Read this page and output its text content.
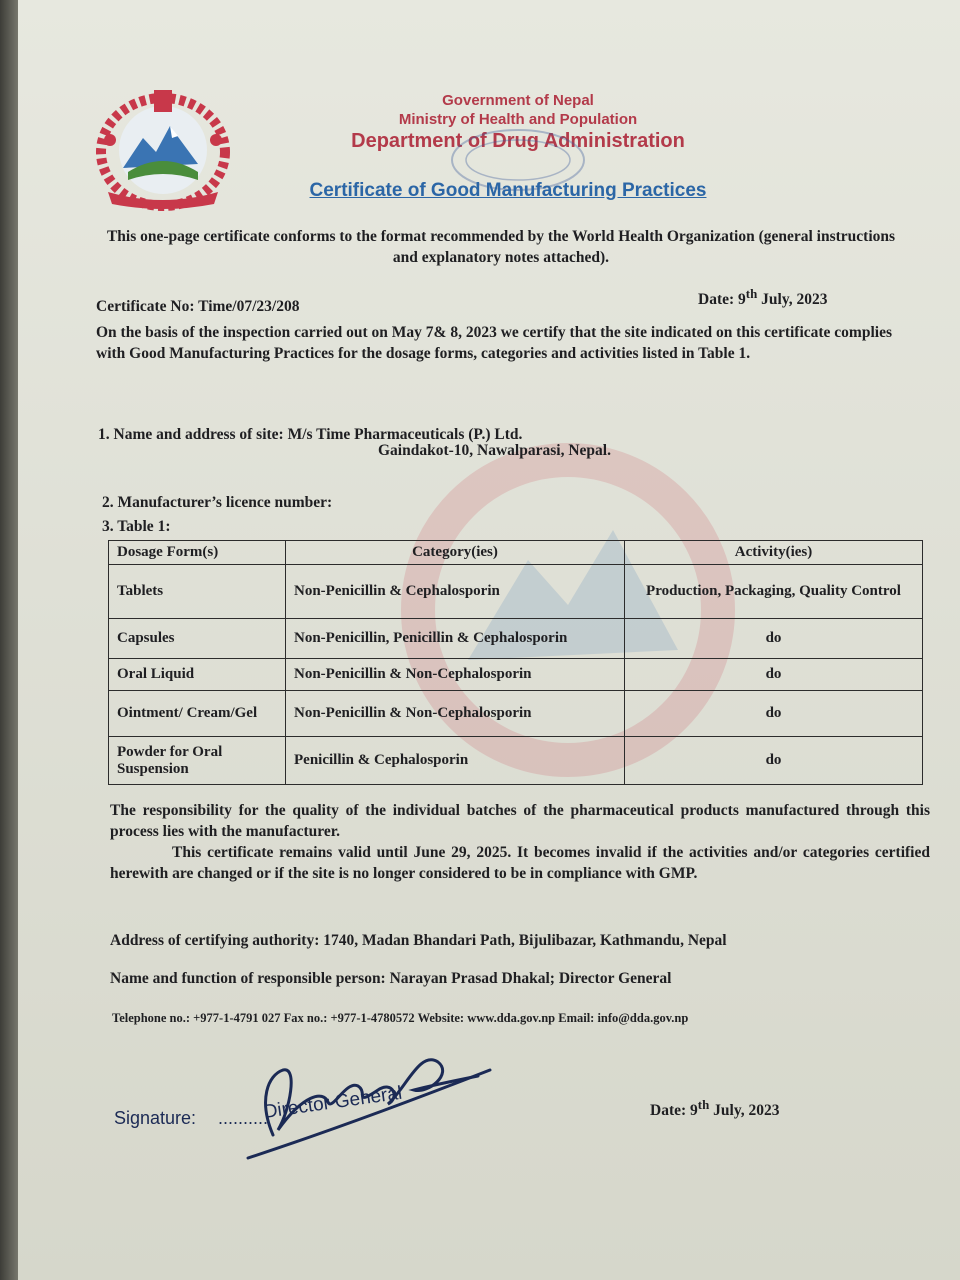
Government of Nepal
Ministry of Health and Population
Department of Drug Administration
Certificate of Good Manufacturing Practices
This one-page certificate conforms to the format recommended by the World Health Organization (general instructions and explanatory notes attached).
Certificate No: Time/07/23/208	Date: 9th July, 2023
On the basis of the inspection carried out on May 7& 8, 2023 we certify that the site indicated on this certificate complies with Good Manufacturing Practices for the dosage forms, categories and activities listed in Table 1.
1. Name and address of site: M/s Time Pharmaceuticals (P.) Ltd.
Gaindakot-10, Nawalparasi, Nepal.
2. Manufacturer’s licence number:
3. Table 1:
Dosage Form(s)	Category(ies)	Activity(ies)
Tablets	Non-Penicillin & Cephalosporin	Production, Packaging, Quality Control
Capsules	Non-Penicillin, Penicillin & Cephalosporin	do
Oral Liquid	Non-Penicillin & Non-Cephalosporin	do
Ointment/ Cream/Gel	Non-Penicillin & Non-Cephalosporin	do
Powder for Oral Suspension	Penicillin & Cephalosporin	do
The responsibility for the quality of the individual batches of the pharmaceutical products manufactured through this process lies with the manufacturer.
This certificate remains valid until June 29, 2025. It becomes invalid if the activities and/or categories certified herewith are changed or if the site is no longer considered to be in compliance with GMP.
Address of certifying authority: 1740, Madan Bhandari Path, Bijulibazar, Kathmandu, Nepal
Name and function of responsible person: Narayan Prasad Dhakal; Director General
Telephone no.: +977-1-4791 027 Fax no.: +977-1-4780572 Website: www.dda.gov.np Email: info@dda.gov.np
Signature: ..........
Director General	Date: 9th July, 2023
